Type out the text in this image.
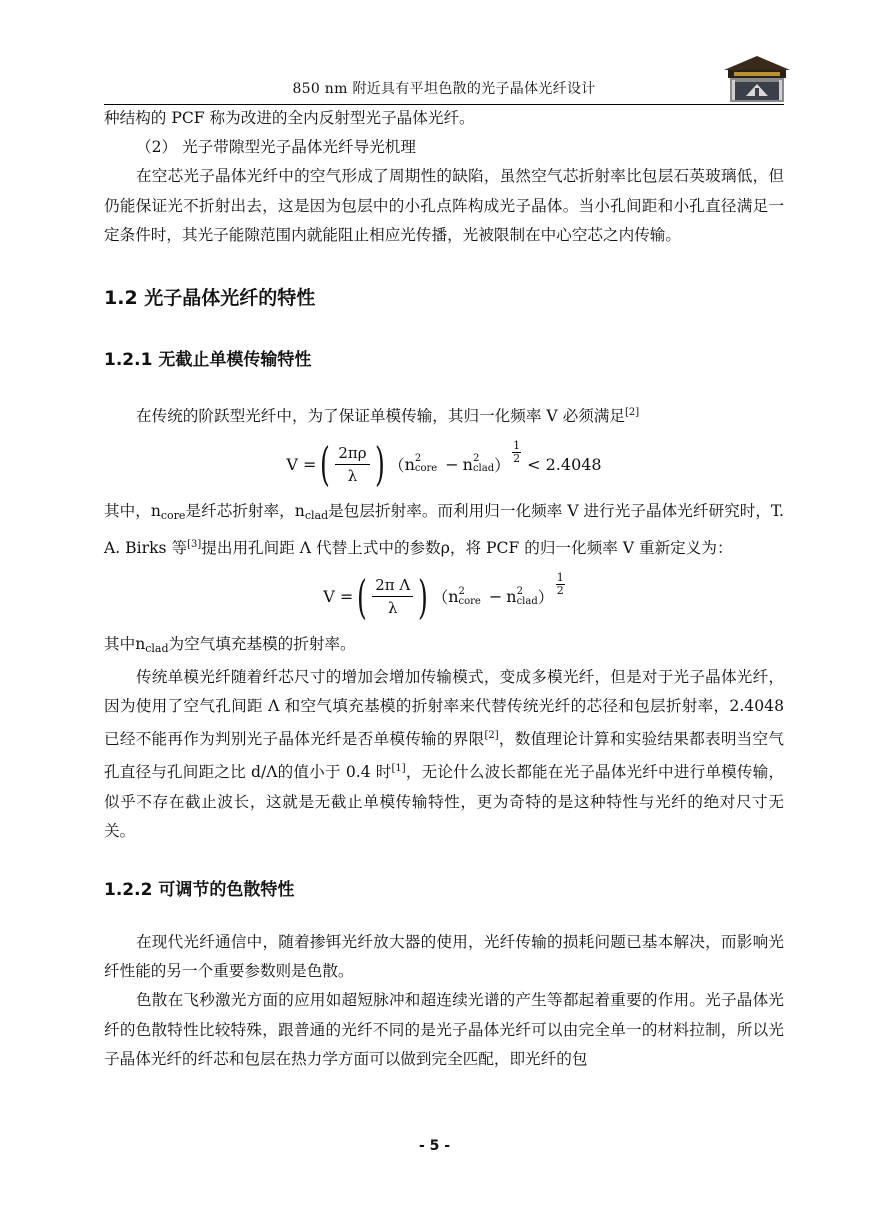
850 nm 附近具有平坦色散的光子晶体光纤设计

种结构的 PCF 称为改进的全内反射型光子晶体光纤。

（2） 光子带隙型光子晶体光纤导光机理

在空芯光子晶体光纤中的空气形成了周期性的缺陷，虽然空气芯折射率比包层石英玻璃低，但仍能保证光不折射出去，这是因为包层中的小孔点阵构成光子晶体。当小孔间距和小孔直径满足一定条件时，其光子能隙范围内就能阻止相应光传播，光被限制在中心空芯之内传输。

1.2 光子晶体光纤的特性
1.2.1 无截止单模传输特性

在传统的阶跃型光纤中，为了保证单模传输，其归一化频率 V 必须满足[2]

V = ( $\frac{2\pi\rho}{\lambda}$ ) （ n 2
core − n 2
clad ）
1
2 < 2.4048

其中，$n_{core}$是纤芯折射率，$n_{clad}$是包层折射率。而利用归一化频率 V 进行光子晶体光纤研究时，T. A. Birks 等[3]提出用孔间距 Λ 代替上式中的参数ρ，将 PCF 的归一化频率 V 重新定义为：

V = ( $\frac{\text{2π Λ}}{\lambda}$ ) （ n 2
core − n 2
clad ）
1
2

其中$n_{clad}$为空气填充基模的折射率。

传统单模光纤随着纤芯尺寸的增加会增加传输模式，变成多模光纤，但是对于光子晶体光纤，因为使用了空气孔间距 Λ 和空气填充基模的折射率来代替传统光纤的芯径和包层折射率，2.4048 已经不能再作为判别光子晶体光纤是否单模传输的界限[2]，数值理论计算和实验结果都表明当空气孔直径与孔间距之比 d/Λ的值小于 0.4 时[1]，无论什么波长都能在光子晶体光纤中进行单模传输，似乎不存在截止波长，这就是无截止单模传输特性，更为奇特的是这种特性与光纤的绝对尺寸无关。

1.2.2 可调节的色散特性

在现代光纤通信中，随着掺铒光纤放大器的使用，光纤传输的损耗问题已基本解决，而影响光纤性能的另一个重要参数则是色散。

色散在飞秒激光方面的应用如超短脉冲和超连续光谱的产生等都起着重要的作用。光子晶体光纤的色散特性比较特殊，跟普通的光纤不同的是光子晶体光纤可以由完全单一的材料拉制，所以光子晶体光纤的纤芯和包层在热力学方面可以做到完全匹配，即光纤的包

- 5 -
